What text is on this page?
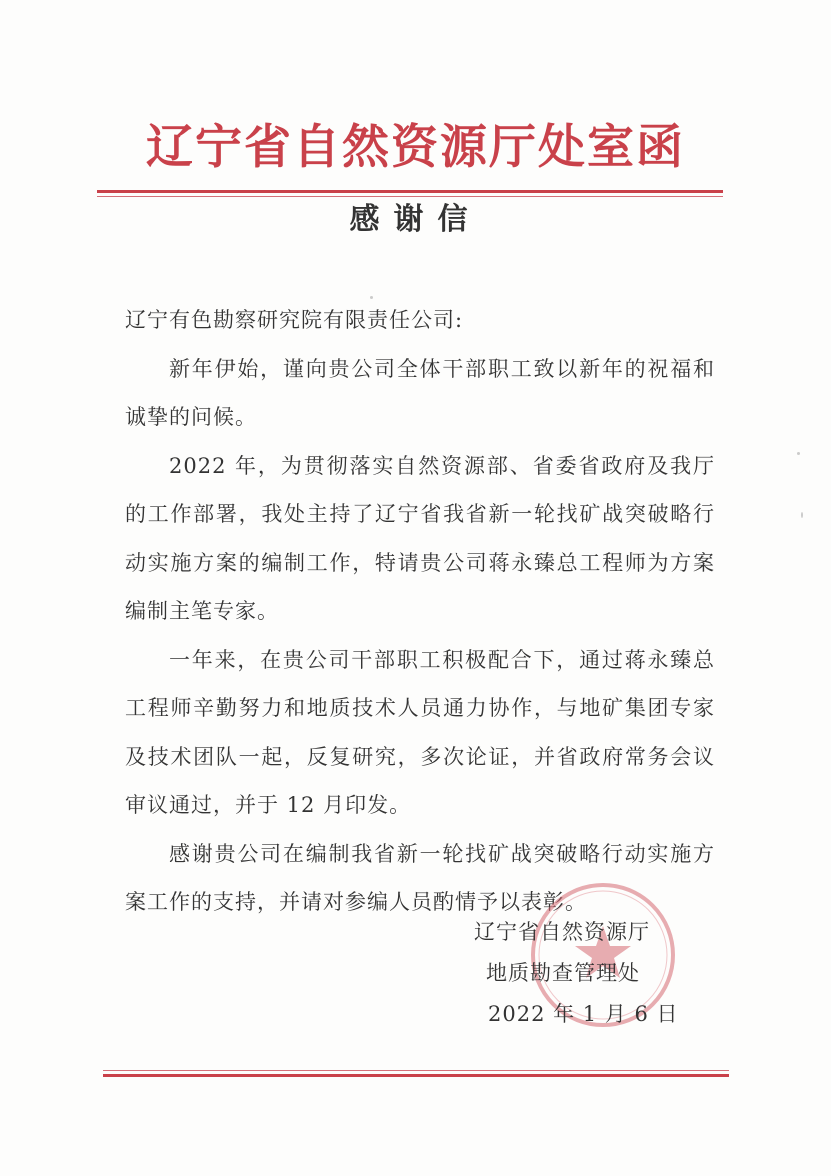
辽宁省自然资源厅处室函
感谢信

辽宁有色勘察研究院有限责任公司:

新年伊始，谨向贵公司全体干部职工致以新年的祝福和诚挚的问候。

2022 年，为贯彻落实自然资源部、省委省政府及我厅的工作部署，我处主持了辽宁省我省新一轮找矿战突破略行动实施方案的编制工作，特请贵公司蒋永臻总工程师为方案编制主笔专家。

一年来，在贵公司干部职工积极配合下，通过蒋永臻总工程师辛勤努力和地质技术人员通力协作，与地矿集团专家及技术团队一起，反复研究，多次论证，并省政府常务会议审议通过，并于 12 月印发。

感谢贵公司在编制我省新一轮找矿战突破略行动实施方案工作的支持，并请对参编人员酌情予以表彰。

辽宁省自然资源厅
地质勘查管理处
2022 年 1 月 6 日
